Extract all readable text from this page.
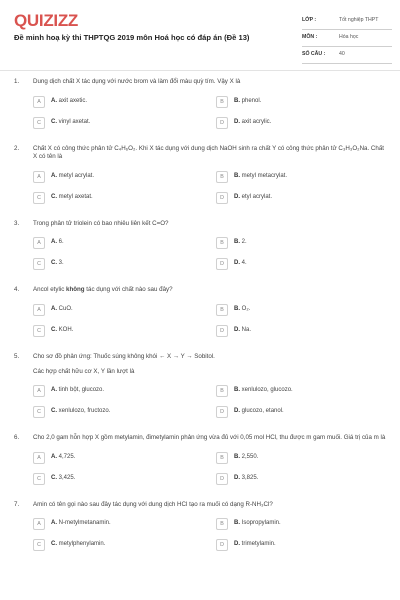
QUIZIZZ
Đề minh hoạ kỳ thi THPTQG 2019 môn Hoá học có đáp án (Đề 13)
LỚP :	Tốt nghiệp THPT
MÔN :	Hóa học
SỐ CÂU :	40
1. Dung dịch chất X tác dụng với nước brom và làm đổi màu quỳ tím. Vậy X là

A	A. axit axetic.	B	B. phenol.
C	C. vinyl axetat.	D	D. axit acrylic.
2. Chất X có công thức phân tử C₄H₆O₂. Khi X tác dụng với dung dịch NaOH sinh ra chất Y có công thức phân tử C₃H₃O₂Na. Chất X có tên là

A	A. metyl acrylat.	B	B. metyl metacrylat.
C	C. metyl axetat.	D	D. etyl acrylat.
3. Trong phân tử triolein có bao nhiêu liên kết C=O?

A	A. 6.	B	B. 2.
C	C. 3.	D	D. 4.
4. Ancol etylic không tác dụng với chất nào sau đây?
A	A. CuO.	B	B. O₂.
C	C. KOH.	D	D. Na.
5. Cho sơ đồ phản ứng: Thuốc súng không khói ← X → Y → Sobitol.

Các hợp chất hữu cơ X, Y lần lượt là

A	A. tinh bột, glucozo.	B	B. xenlulozo, glucozo.
C	C. xenlulozo, fructozo.	D	D. glucozo, etanol.
6. Cho 2,0 gam hỗn hợp X gồm metylamin, đimetylamin phản ứng vừa đủ với 0,05 mol HCl, thu được m gam muối. Giá trị của m là

A	A. 4,725.	B	B. 2,550.
C	C. 3,425.	D	D. 3,825.
7. Amin có tên gọi nào sau đây tác dụng với dung dịch HCl tạo ra muối có dạng R-NH₃Cl?

A	A. N-metylmetanamin.	B	B. Isopropylamin.
C	C. metylphenylamin.	D	D. trimetylamin.
